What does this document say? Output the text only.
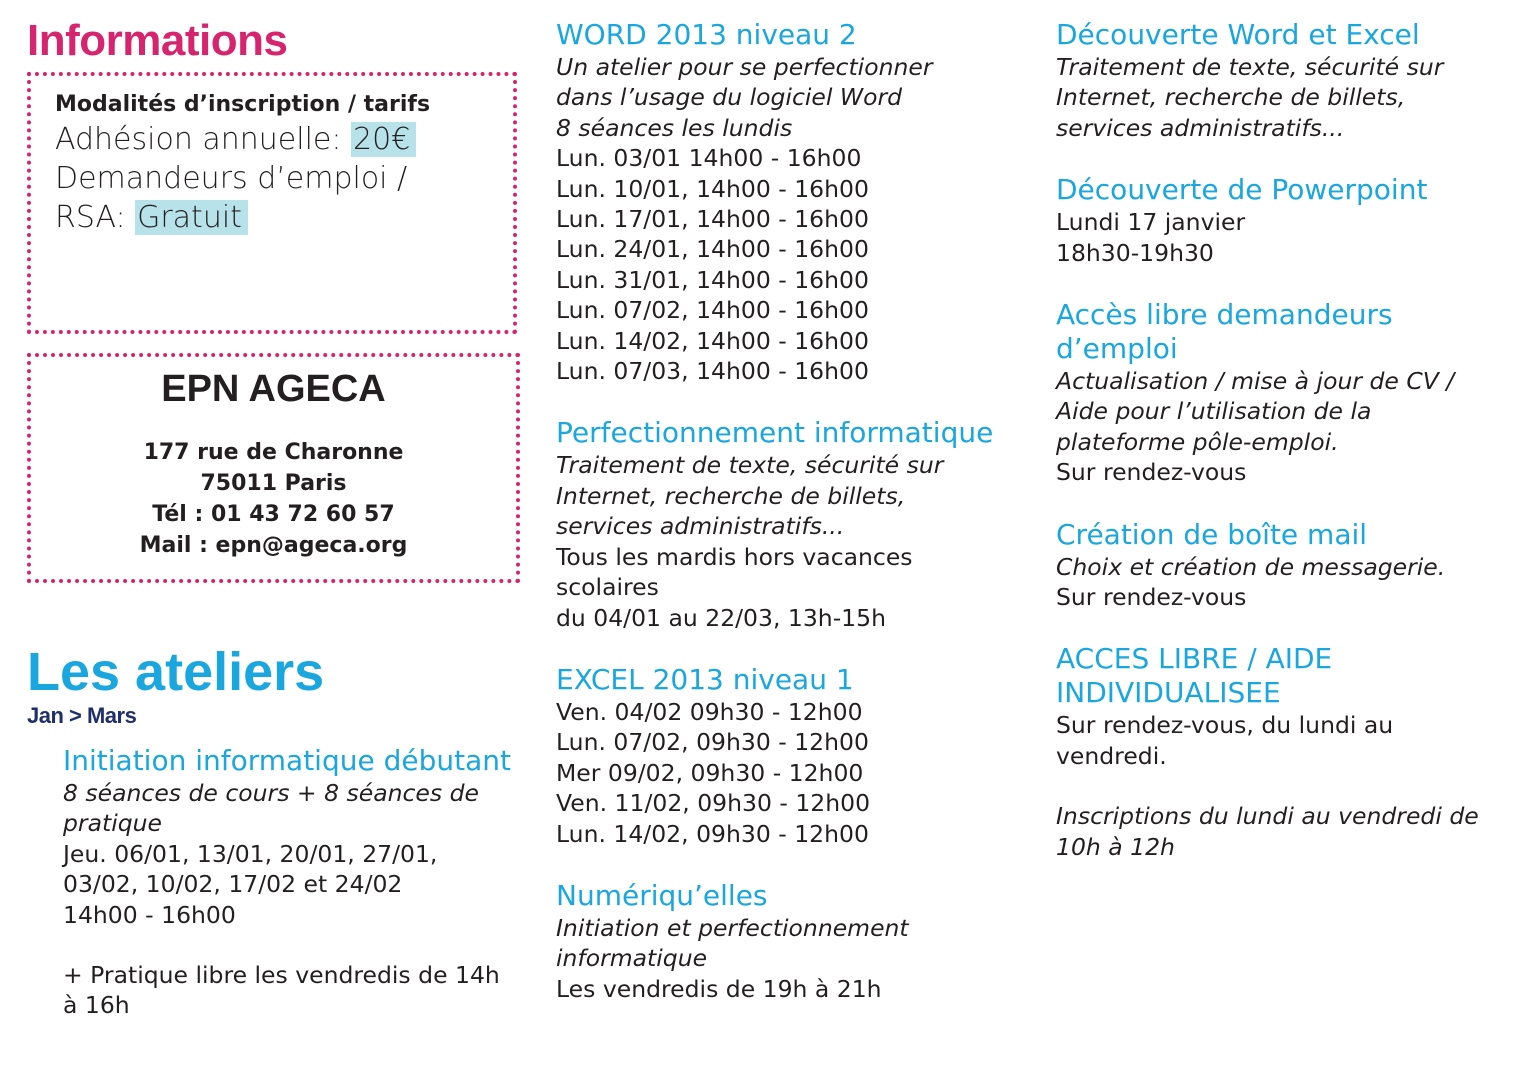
Informations

Modalités d’inscription / tarifs

Adhésion annuelle: 20€

Demandeurs d’emploi /

RSA: Gratuit

EPN AGECA

177 rue de Charonne

75011 Paris

Tél : 01 43 72 60 57

Mail : epn@ageca.org

Les ateliers

Jan > Mars

Initiation informatique débutant

8 séances de cours + 8 séances de

pratique

Jeu. 06/01, 13/01, 20/01, 27/01,

03/02, 10/02, 17/02 et 24/02

14h00 - 16h00

+ Pratique libre les vendredis de 14h

à 16h

WORD 2013 niveau 2

Un atelier pour se perfectionner

dans l’usage du logiciel Word

8 séances les lundis

Lun. 03/01 14h00 - 16h00

Lun. 10/01, 14h00 - 16h00

Lun. 17/01, 14h00 - 16h00

Lun. 24/01, 14h00 - 16h00

Lun. 31/01, 14h00 - 16h00

Lun. 07/02, 14h00 - 16h00

Lun. 14/02, 14h00 - 16h00

Lun. 07/03, 14h00 - 16h00

Perfectionnement informatique

Traitement de texte, sécurité sur

Internet, recherche de billets,

services administratifs...

Tous les mardis hors vacances

scolaires

du 04/01 au 22/03, 13h-15h

EXCEL 2013 niveau 1

Ven. 04/02 09h30 - 12h00

Lun. 07/02, 09h30 - 12h00

Mer 09/02, 09h30 - 12h00

Ven. 11/02, 09h30 - 12h00

Lun. 14/02, 09h30 - 12h00

Numériqu’elles

Initiation et perfectionnement

informatique

Les vendredis de 19h à 21h

Découverte Word et Excel

Traitement de texte, sécurité sur

Internet, recherche de billets,

services administratifs...

Découverte de Powerpoint

Lundi 17 janvier

18h30-19h30

Accès libre demandeurs

d’emploi

Actualisation / mise à jour de CV /

Aide pour l’utilisation de la

plateforme pôle-emploi.

Sur rendez-vous

Création de boîte mail

Choix et création de messagerie.

Sur rendez-vous

ACCES LIBRE / AIDE

INDIVIDUALISEE

Sur rendez-vous, du lundi au

vendredi.

Inscriptions du lundi au vendredi de

10h à 12h
